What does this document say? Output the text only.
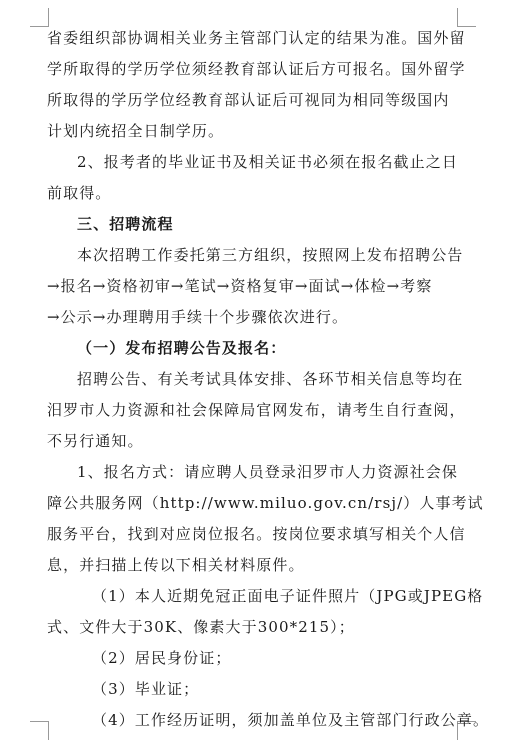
省委组织部协调相关业务主管部门认定的结果为准。国外留

学所取得的学历学位须经教育部认证后方可报名。国外留学

所取得的学历学位经教育部认证后可视同为相同等级国内

计划内统招全日制学历。

2、报考者的毕业证书及相关证书必须在报名截止之日

前取得。

三、招聘流程

本次招聘工作委托第三方组织，按照网上发布招聘公告

→报名→资格初审→笔试→资格复审→面试→体检→考察

→公示→办理聘用手续十个步骤依次进行。

（一）发布招聘公告及报名：

招聘公告、有关考试具体安排、各环节相关信息等均在

汨罗市人力资源和社会保障局官网发布，请考生自行查阅，

不另行通知。

1、报名方式：请应聘人员登录汨罗市人力资源社会保

障公共服务网（http://www.miluo.gov.cn/rsj/）人事考试

服务平台，找到对应岗位报名。按岗位要求填写相关个人信

息，并扫描上传以下相关材料原件。

（1）本人近期免冠正面电子证件照片（JPG或JPEG格

式、文件大于30K、像素大于300*215）；

（2）居民身份证；

（3）毕业证；

（4）工作经历证明，须加盖单位及主管部门行政公章。
